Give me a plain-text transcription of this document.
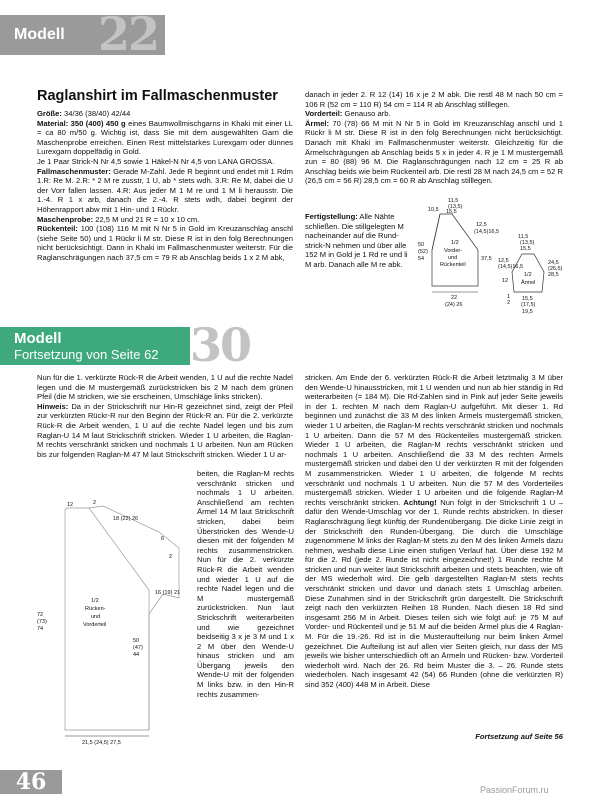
Modell 22
Raglanshirt im Fallmaschenmuster

Größe: 34/36 (38/40) 42/44

Material: 350 (400) 450 g eines Baumwollmischgarns in Khaki mit einer LL = ca 80 m/50 g. Wichtig ist, dass Sie mit dem ausgewählten Garn die Maschenprobe erreichen. Einen Rest mittelstarkes Lurexgarn oder dünnes Lurexgarn doppelfädig in Gold.

Je 1 Paar Strick-N Nr 4,5 sowie 1 Häkel-N Nr 4,5 von LANA GROSSA.

Fallmaschenmuster: Gerade M-Zahl. Jede R beginnt und endet mit 1 Rdm 1.R: Re M. 2.R: * 2 M re zusstr, 1 U, ab * stets wdh. 3.R: Re M, dabei die U der Vorr fallen lassen. 4.R: Aus jeder M 1 M re und 1 M li herausstr. Die 1.-4. R 1 x arb, danach die 2.-4. R stets wdh, dabei beginnt der Höhenrapport abw mit 1 Hin- und 1 Rückr.

Maschenprobe: 22,5 M und 21 R = 10 x 10 cm.

Rückenteil: 100 (108) 116 M mit N Nr 5 in Gold im Kreuzanschlag anschl (siehe Seite 50) und 1 Rückr li M str. Diese R ist in den folg Berechnungen nicht berücksichtigt. Dann in Khaki im Fallmaschenmuster weiterstr. Für die Raglanschrägungen nach 37,5 cm = 79 R ab Anschlag beids 1 x 2 M abk,

danach in jeder 2. R 12 (14) 16 x je 2 M abk. Die restl 48 M nach 50 cm = 106 R (52 cm = 110 R) 54 cm = 114 R ab Anschlag stilllegen.

Vorderteil: Genauso arb.

Ärmel: 70 (78) 66 M mit N Nr 5 in Gold im Kreuzanschlag anschl und 1 Rückr li M str. Diese R ist in den folg Berechnungen nicht berücksichtigt. Danach mit Khaki im Fallmaschenmuster weiterstr. Gleichzeitig für die Ärmelschrägungen ab Anschlag beids 5 x in jeder 4. R je 1 M mustergemäß zun = 80 (88) 96 M. Die Raglanschrägungen nach 12 cm = 25 R ab Anschlag beids wie beim Rückenteil arb. Die restl 28 M nach 24,5 cm = 52 R (26,5 cm = 56 R) 28,5 cm = 60 R ab Anschlag stilllegen.

Fertigstellung: Alle Nähte schließen. Die stillgelegten M nacheinander auf die Rund-strick-N nehmen und über alle 152 M in Gold je 1 Rd re und li M arb. Danach alle M re abk.
11,5
(13,5)
15,5
10,5
12,5
(14,5)16,5
50
(52)
54	37,5
1/2
Vorder-
und
Rückenteil
22
(24) 26
11,5
(13,5)
15,5
12,5
(14,5)16,5
24,5
(26,5)
28,5
12
1/2
Ärmel
1
2
15,5
(17,5)
19,5
Modell
Fortsetzung von Seite 62 30

Nun für die 1. verkürzte Rück-R die Arbeit wenden, 1 U auf die rechte Nadel legen und die M mustergemäß zurückstricken bis 2 M nach dem grünen Pfeil (die M stricken, wie sie erscheinen, Umschläge links stricken).

Hinweis: Da in der Strickschrift nur Hin-R gezeichnet sind, zeigt der Pfeil zur verkürzten Rückr-R nur den Beginn der Rück-R an. Für die 2. verkürzte Rück-R die Arbeit wenden, 1 U auf die rechte Nadel legen und bis zum Raglan-U 14 M laut Strickschrift stricken. Wieder 1 U arbeiten, die Raglan-M rechts verschränkt stricken und nochmals 1 U arbeiten. Nun am Rücken bis zur folgenden Raglan-M 47 M laut Strickschrift stricken. Wieder 1 U ar-

12	2
18 (22) 26
6
2
16 (19) 21
1/2
Rücken-
und
Vorderteil
72
(73)
74
50
(47)
44
21,5 (24,5) 27,5
beiten, die Raglan-M rechts verschränkt stricken und nochmals 1 U arbeiten. Anschließend am rechten Ärmel 14 M laut Strickschrift stricken, dabei beim Überstricken des Wende-U diesen mit der folgenden M rechts zusammenstricken. Nun für die 2. verkürzte Rück-R die Arbeit wenden und wieder 1 U auf die rechte Nadel legen und die M mustergemäß zurückstricken. Nun laut Strickschrift weiterarbeiten und wie gezeichnet beidseitig 3 x je 3 M und 1 x 2 M über den Wende-U hinaus stricken und am Übergang jeweils den Wende-U mit der folgenden M links bzw. in den Hin-R rechts zusammen-
stricken. Am Ende der 6. verkürzten Rück-R die Arbeit letztmalig 3 M über den Wende-U hinausstricken, mit 1 U wenden und nun ab hier ständig in Rd weiterarbeiten (= 184 M). Die Rd-Zahlen sind in Pink auf jeder Seite jeweils in der 1. rechten M nach dem Raglan-U aufgeführt. Mit dieser 1. Rd beginnen und zunächst die 33 M des linken Ärmels mustergemäß stricken, wieder 1 U arbeiten, die Raglan-M rechts verschränkt stricken und nochmals 1 U arbeiten. Dann die 57 M des Rückenteiles mustergemäß stricken. Wieder 1 U arbeiten, die Raglan-M rechts verschränkt stricken und nochmals 1 U arbeiten. Anschließend die 33 M des rechten Ärmels mustergemäß stricken und dabei den U der verkürzten R mit der folgenden M zusammenstricken. Wieder 1 U arbeiten, die folgende M rechts verschränkt und nochmals 1 U arbeiten. Nun die 57 M des Vorderteiles mustergemäß stricken. Wieder 1 U arbeiten und die folgende Raglan-M rechts verschränkt stricken. Achtung! Nun folgt in der Strickschrift 1 U – dafür den Wende-Umschlag vor der 1. Runde rechts abstricken. In dieser Raglanschrägung liegt künftig der Rundenübergang. Die dicke Linie zeigt in der Strickschrift den Runden-Übergang. Die durch die Umschläge zugenommene M links der Raglan-M stets zu den M des linken Ärmels dazu nehmen, weshalb diese Linie einen stufigen Verlauf hat. Über diese 192 M für die 2. Rd (jede 2. Runde ist nicht eingezeichnet!) 1 Runde rechte M stricken und nun weiter laut Strickschrift arbeiten und stets beachten, wie oft der MS wiederholt wird. Die gelb dargestellten Raglan-M stets rechts verschränkt stricken und davor und danach stets 1 Umschlag arbeiten. Diese Zunahmen sind in der Strickschrift grün dargestellt. Die Strickschrift zeigt nach den verkürzten Reihen 18 Runden. Nach diesen 18 Rd sind insgesamt 256 M in Arbeit. Dieses teilen sich wie folgt auf: je 75 M auf Vorder- und Rückenteil und je 51 M auf die beiden Ärmel plus die 4 Raglan-M. Für die 19.-26. Rd ist in die Musteraufteilung nur beim linken Ärmel gezeichnet. Die Aufteilung ist auf allen vier Seiten gleich, nur dass der MS jeweils wie bisher unterschiedlich oft an Ärmeln und Rücken- bzw. Vorderteil wiederholt wird. Nach der 26. Rd beim Muster die 3. – 26. Runde stets wiederholen. Nach insgesamt 42 (54) 66 Runden (ohne die verkürzten R) sind 352 (400) 448 M in Arbeit. Diese
Fortsetzung auf Seite 56
46	PassionForum.ru
